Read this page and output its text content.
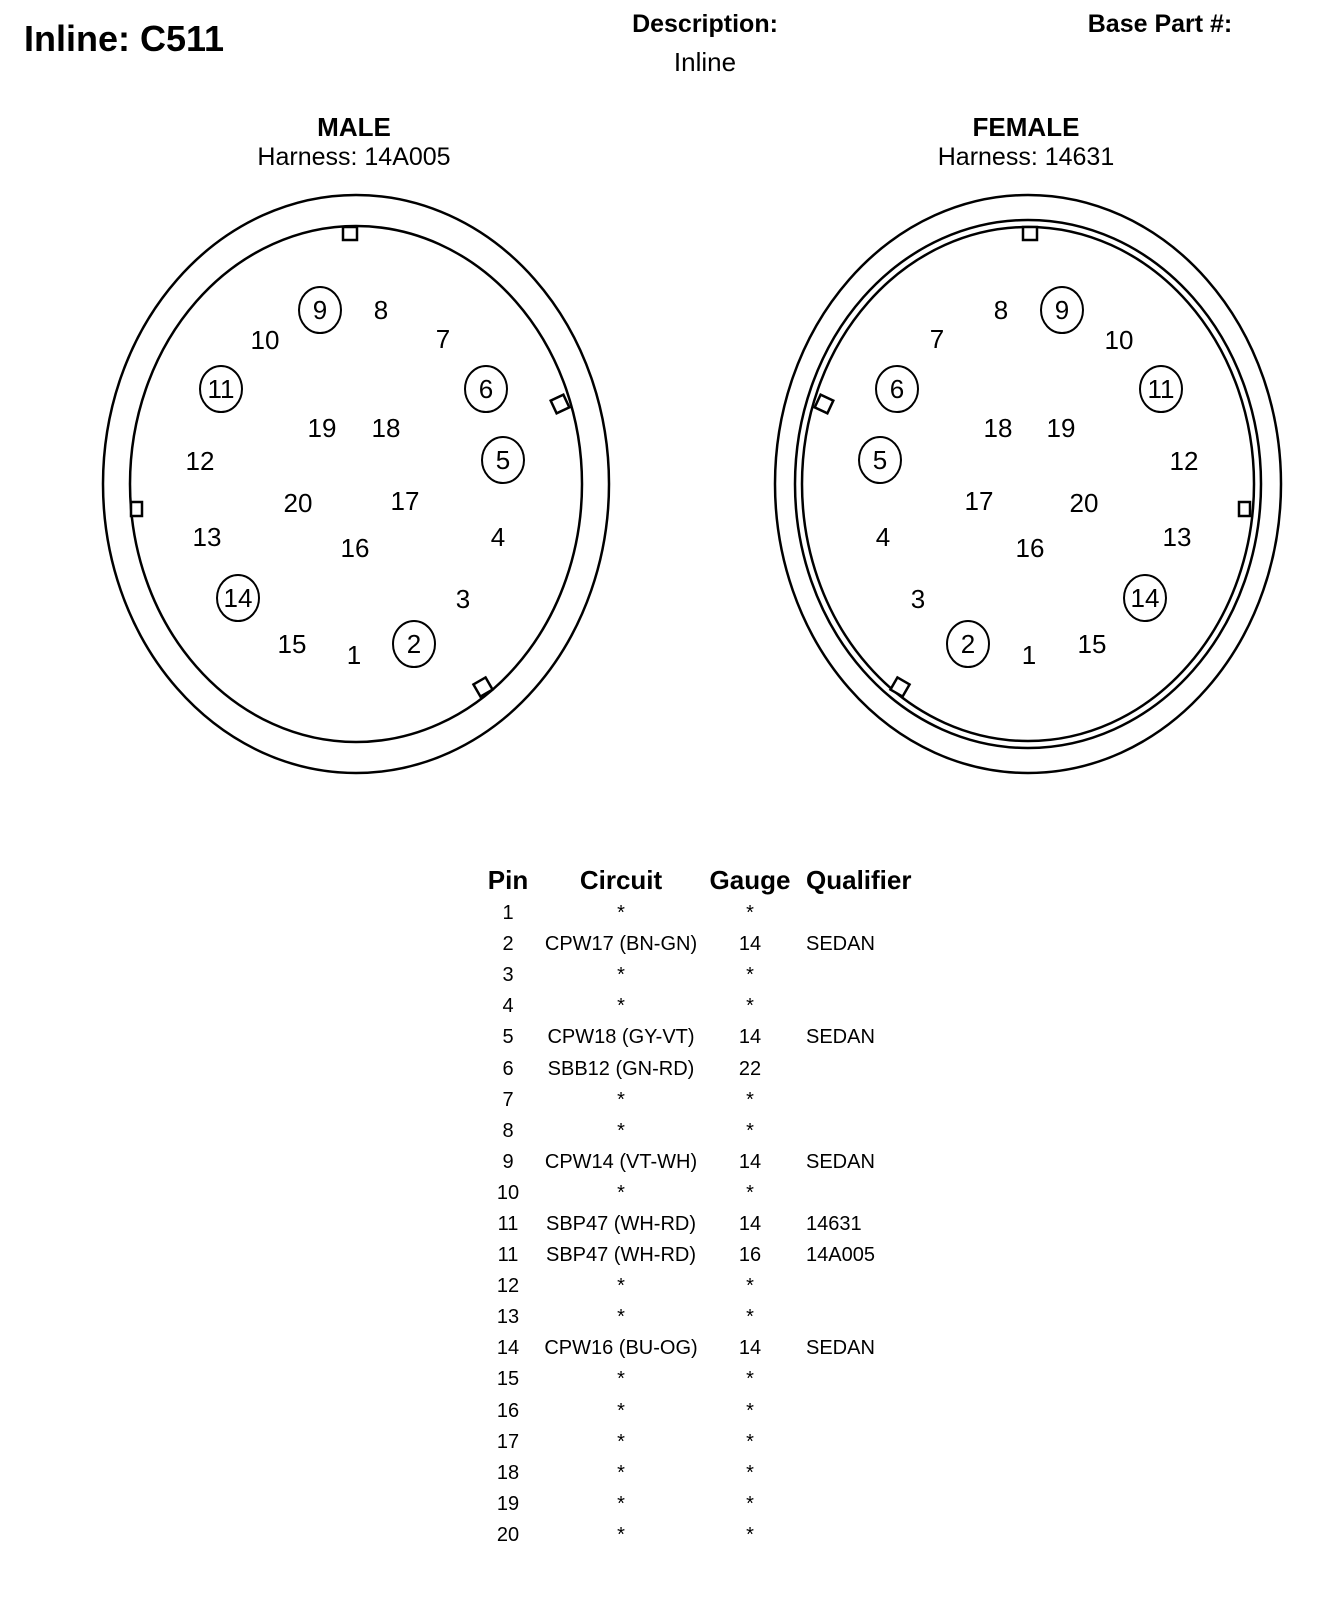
Inline: C511	Description:
Inline
Base Part #:
MALE
Harness: 14A005
FEMALE
Harness: 14631
1 2
3
4
5
6
7
8
9
10
11
12
13
14
15
16
17
18
19
20
1
2
3
4
5
6
7
8 9
10
11
12
13
14
15
16
17
18 19
20
Pin	Circuit	Gauge	Qualifier
1	*	*	
2	CPW17 (BN-GN)	14	SEDAN
3	*	*	
4	*	*	
5	CPW18 (GY-VT)	14	SEDAN
6	SBB12 (GN-RD)	22	
7	*	*	
8	*	*	
9	CPW14 (VT-WH)	14	SEDAN
10	*	*	
11	SBP47 (WH-RD)	14	14631
11	SBP47 (WH-RD)	16	14A005
12	*	*	
13	*	*	
14	CPW16 (BU-OG)	14	SEDAN
15	*	*	
16	*	*	
17	*	*	
18	*	*	
19	*	*	
20	*	*	
